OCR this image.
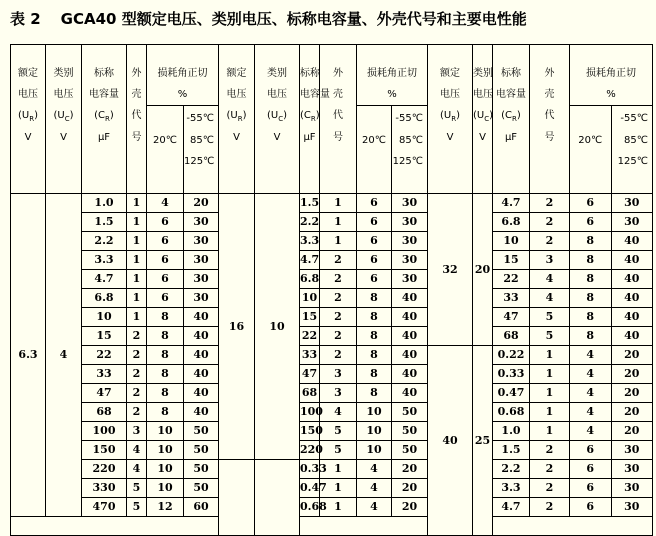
表 2 GCA40 型额定电压、类别电压、标称电容量、外壳代号和主要电性能
额定
电压
$(U_R)$
V	类别
电压
$(U_C)$
V	标称
电容量
$(C_R)$
μF	外
壳
代
号	损耗角正切
%		额定
电压
$(U_R)$
V	类别
电压
$(U_C)$
V	标称
电容量
$(C_R)$
μF	外
壳
代
号	损耗角正切
%		额定
电压
$(U_R)$
V	类别
电压
$(U_C)$
V	标称
电容量
$(C_R)$
μF	外
壳
代
号	损耗角正切
%	

				20℃	-55℃
85℃
125℃					20℃	-55℃
85℃
125℃					20℃	-55℃
85℃
125℃

6.3	4	1.0	1	4	20	16	10	1.5	1	6	30	32	20	4.7	2	6	30
		1.5	1	6	30			2.2	1	6	30			6.8	2	6	30
		2.2	1	6	30			3.3	1	6	30			10	2	8	40
		3.3	1	6	30			4.7	2	6	30			15	3	8	40
		4.7	1	6	30			6.8	2	6	30			22	4	8	40
		6.8	1	6	30			10	2	8	40			33	4	8	40
		10	1	8	40			15	2	8	40			47	5	8	40
		15	2	8	40			22	2	8	40			68	5	8	40
		22	2	8	40			33	2	8	40	40	25	0.22	1	4	20
		33	2	8	40			47	3	8	40			0.33	1	4	20
		47	2	8	40			68	3	8	40			0.47	1	4	20
		68	2	8	40			100	4	10	50			0.68	1	4	20
		100	3	10	50			150	5	10	50			1.0	1	4	20
		150	4	10	50			220	5	10	50			1.5	2	6	30
		220	4	10	50			0.33	1	4	20			2.2	2	6	30
		330	5	10	50			0.47	1	4	20			3.3	2	6	30
		470	5	12	60			0.68	1	4	20			4.7	2	6	30
